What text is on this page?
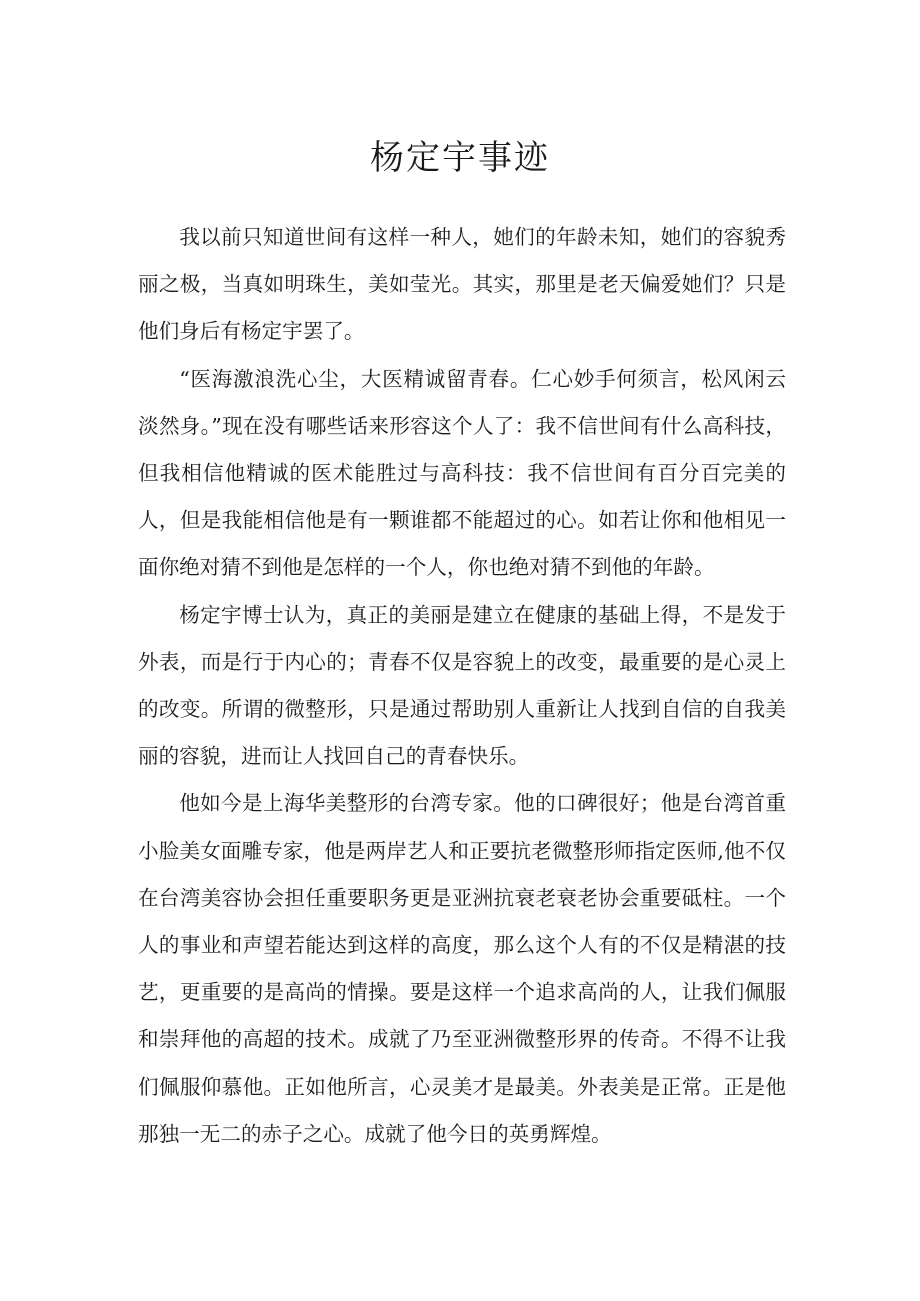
杨定宇事迹

我以前只知道世间有这样一种人，她们的年龄未知，她们的容貌秀丽之极，当真如明珠生，美如莹光。其实，那里是老天偏爱她们？只是他们身后有杨定宇罢了。

“医海激浪洗心尘，大医精诚留青春。仁心妙手何须言，松风闲云淡然身。”现在没有哪些话来形容这个人了：我不信世间有什么高科技，但我相信他精诚的医术能胜过与高科技：我不信世间有百分百完美的人，但是我能相信他是有一颗谁都不能超过的心。如若让你和他相见一面你绝对猜不到他是怎样的一个人，你也绝对猜不到他的年龄。

杨定宇博士认为，真正的美丽是建立在健康的基础上得，不是发于外表，而是行于内心的；青春不仅是容貌上的改变，最重要的是心灵上的改变。所谓的微整形，只是通过帮助别人重新让人找到自信的自我美丽的容貌，进而让人找回自己的青春快乐。

他如今是上海华美整形的台湾专家。他的口碑很好；他是台湾首重小脸美女面雕专家，他是两岸艺人和正要抗老微整形师指定医师,他不仅在台湾美容协会担任重要职务更是亚洲抗衰老衰老协会重要砥柱。一个人的事业和声望若能达到这样的高度，那么这个人有的不仅是精湛的技艺，更重要的是高尚的情操。要是这样一个追求高尚的人，让我们佩服和崇拜他的高超的技术。成就了乃至亚洲微整形界的传奇。不得不让我们佩服仰慕他。正如他所言，心灵美才是最美。外表美是正常。正是他那独一无二的赤子之心。成就了他今日的英勇辉煌。
